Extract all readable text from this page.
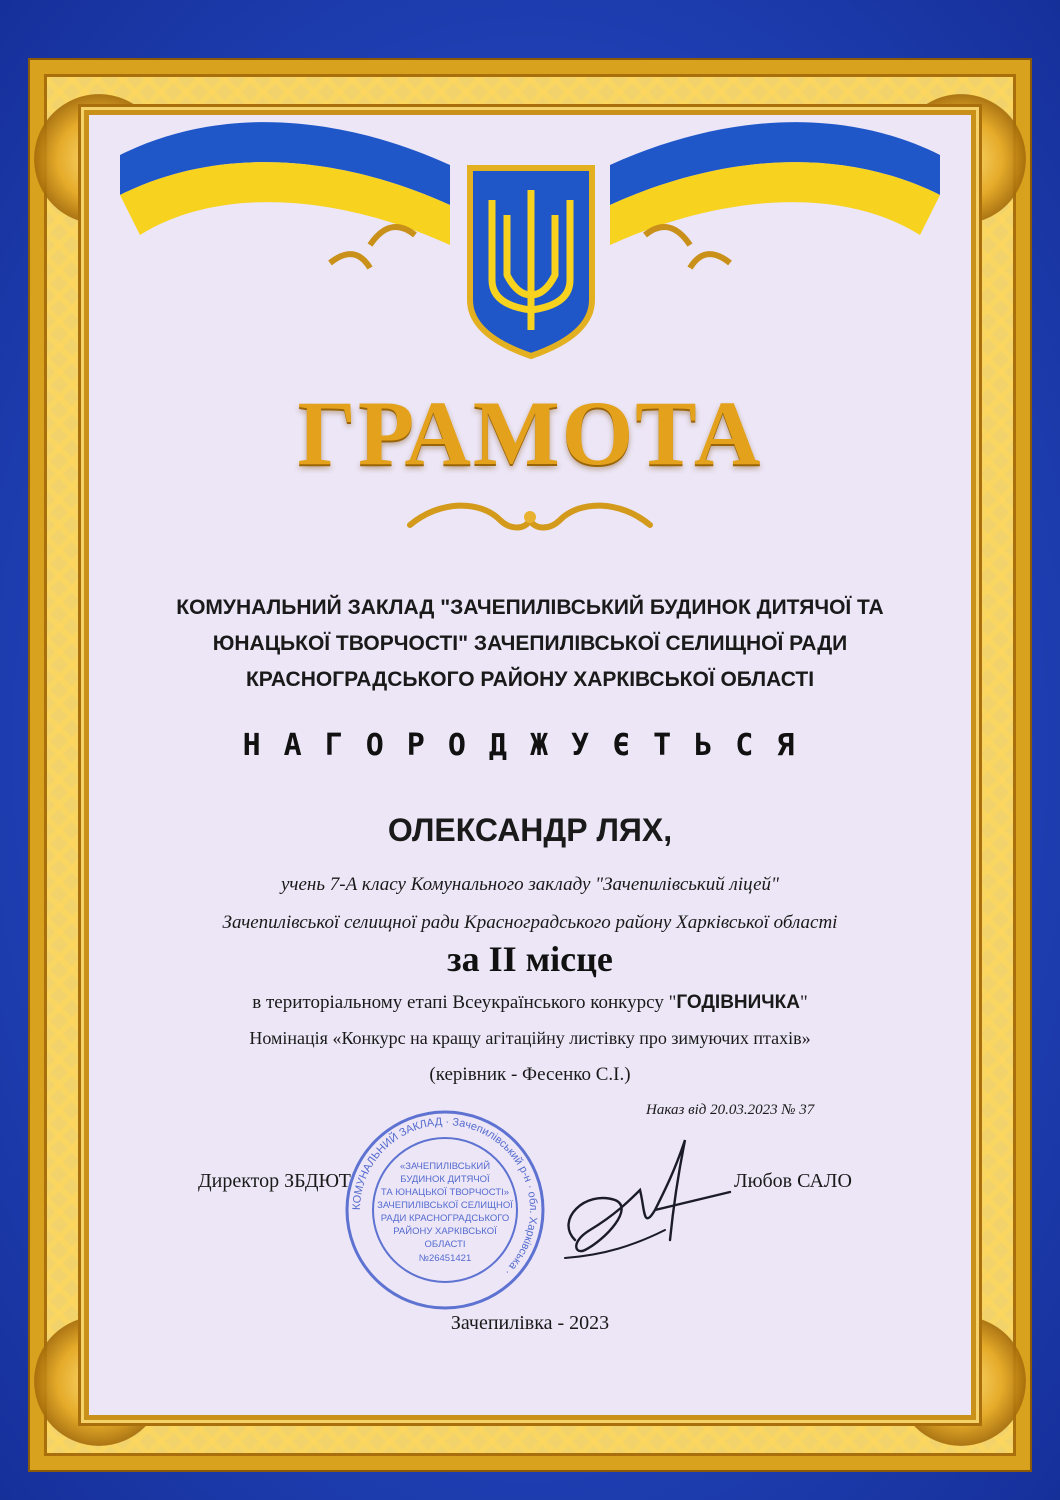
ГРАМОТА
КОМУНАЛЬНИЙ ЗАКЛАД "ЗАЧЕПИЛІВСЬКИЙ БУДИНОК ДИТЯЧОЇ ТА
ЮНАЦЬКОЇ ТВОРЧОСТІ" ЗАЧЕПИЛІВСЬКОЇ СЕЛИЩНОЇ РАДИ
КРАСНОГРАДСЬКОГО РАЙОНУ ХАРКІВСЬКОЇ ОБЛАСТІ
НАГОРОДЖУЄТЬСЯ
ОЛЕКСАНДР ЛЯХ,
учень 7-А класу Комунального закладу "Зачепилівський ліцей"
Зачепилівської селищної ради Красноградського району Харківської області
за II місце
в територіальному етапі Всеукраїнського конкурсу "ГОДІВНИЧКА"
Номінація «Конкурс на кращу агітаційну листівку про зимуючих птахів»
(керівник - Фесенко С.І.)
Наказ від 20.03.2023 № 37
КОМУНАЛЬНИЙ ЗАКЛАД · Зачепилівський р-н · обл. Харківська ·
«ЗАЧЕПИЛІВСЬКИЙ
БУДИНОК ДИТЯЧОЇ
ТА ЮНАЦЬКОЇ ТВОРЧОСТІ»
ЗАЧЕПИЛІВСЬКОЇ СЕЛИЩНОЇ
РАДИ КРАСНОГРАДСЬКОГО
РАЙОНУ ХАРКІВСЬКОЇ
ОБЛАСТІ
№26451421
Директор ЗБДЮТ	Любов САЛО
Зачепилівка - 2023
